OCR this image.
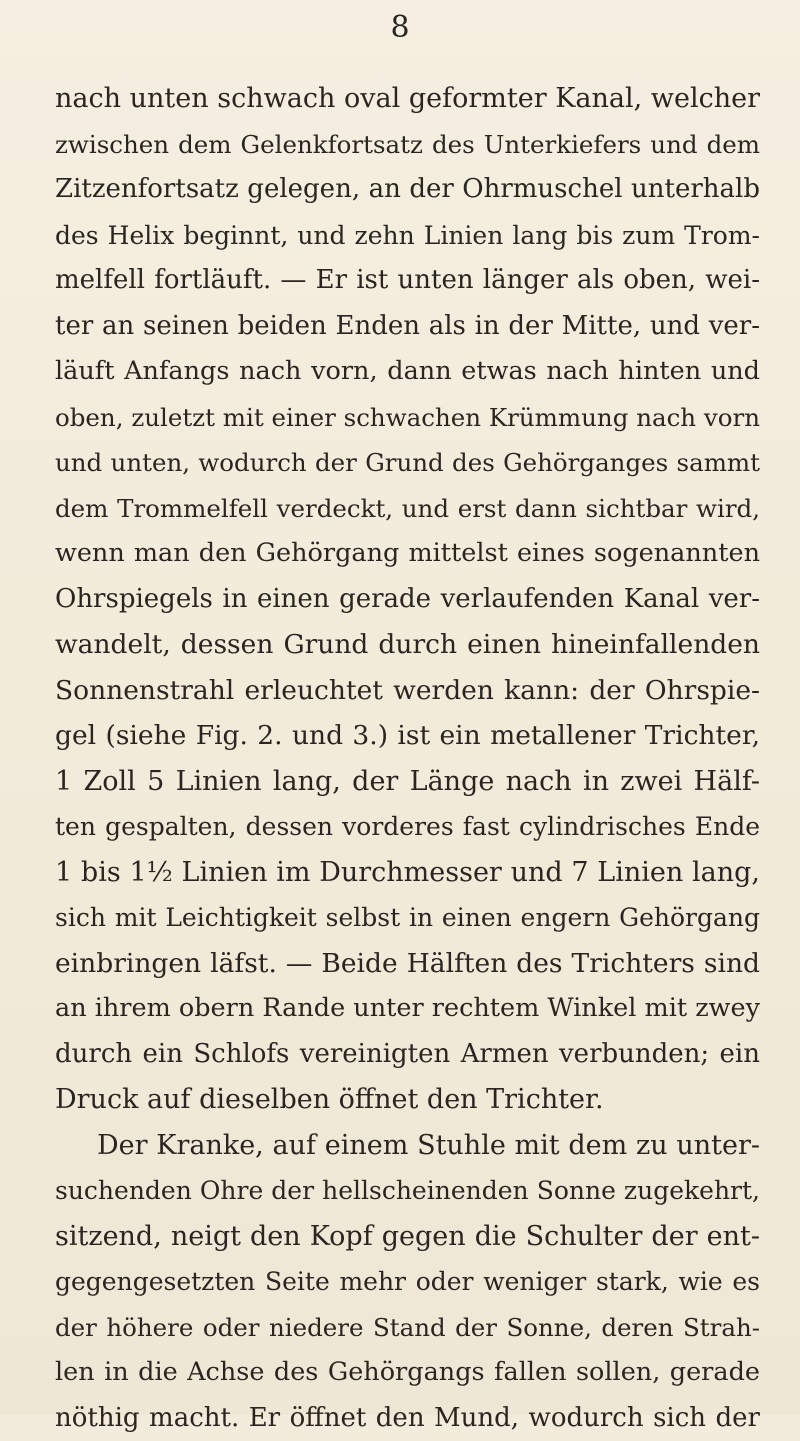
8
nach unten schwach oval geformter Kanal, welcher
zwischen dem Gelenkfortsatz des Unterkiefers und dem
Zitzenfortsatz gelegen, an der Ohrmuschel unterhalb
des Helix beginnt, und zehn Linien lang bis zum Trom-
melfell fortläuft. — Er ist unten länger als oben, wei-
ter an seinen beiden Enden als in der Mitte, und ver-
läuft Anfangs nach vorn, dann etwas nach hinten und
oben, zuletzt mit einer schwachen Krümmung nach vorn
und unten, wodurch der Grund des Gehörganges sammt
dem Trommelfell verdeckt, und erst dann sichtbar wird,
wenn man den Gehörgang mittelst eines sogenannten
Ohrspiegels in einen gerade verlaufenden Kanal ver-
wandelt, dessen Grund durch einen hineinfallenden
Sonnenstrahl erleuchtet werden kann: der Ohrspie-
gel (siehe Fig. 2. und 3.) ist ein metallener Trichter,
1 Zoll 5 Linien lang, der Länge nach in zwei Hälf-
ten gespalten, dessen vorderes fast cylindrisches Ende
1 bis 1½ Linien im Durchmesser und 7 Linien lang,
sich mit Leichtigkeit selbst in einen engern Gehörgang
einbringen läfst. — Beide Hälften des Trichters sind
an ihrem obern Rande unter rechtem Winkel mit zwey
durch ein Schlofs vereinigten Armen verbunden; ein
Druck auf dieselben öffnet den Trichter.
Der Kranke, auf einem Stuhle mit dem zu unter-
suchenden Ohre der hellscheinenden Sonne zugekehrt,
sitzend, neigt den Kopf gegen die Schulter der ent-
gegengesetzten Seite mehr oder weniger stark, wie es
der höhere oder niedere Stand der Sonne, deren Strah-
len in die Achse des Gehörgangs fallen sollen, gerade
nöthig macht. Er öffnet den Mund, wodurch sich der
